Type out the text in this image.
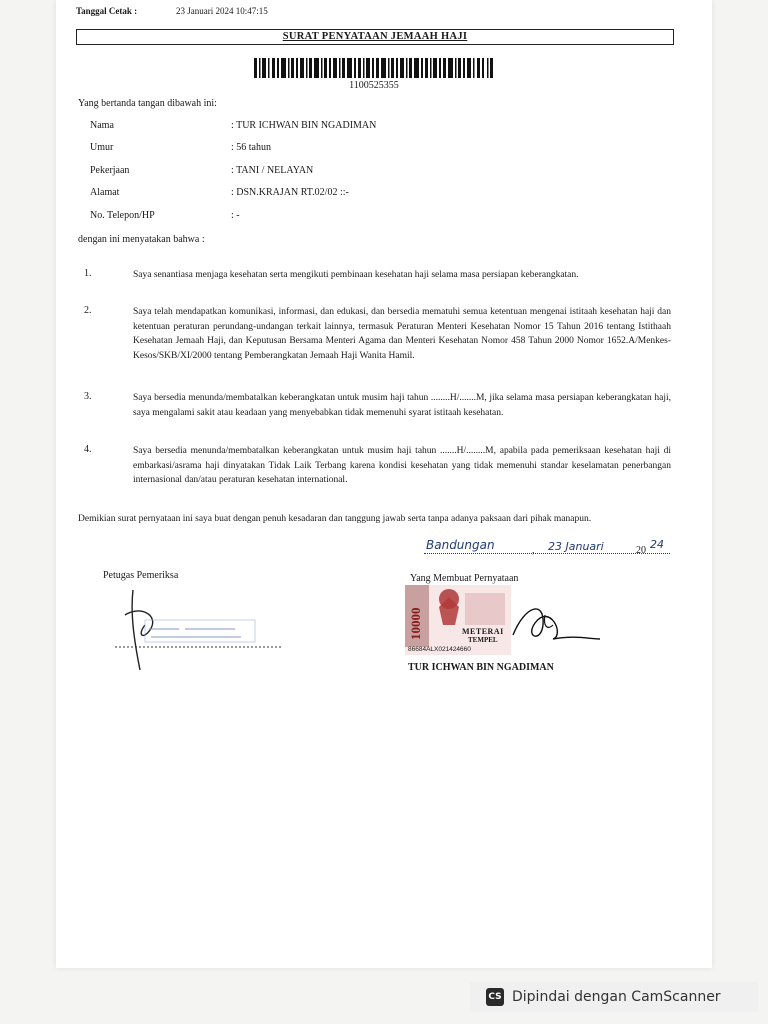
Tanggal Cetak :	23 Januari 2024 10:47:15
SURAT PENYATAAN JEMAAH HAJI
1100525355
Yang bertanda tangan dibawah ini:
Nama	: TUR ICHWAN BIN NGADIMAN
Umur	: 56 tahun
Pekerjaan	: TANI / NELAYAN
Alamat	: DSN.KRAJAN RT.02/02 ::-
No. Telepon/HP	: -
dengan ini menyatakan bahwa :
1.	Saya senantiasa menjaga kesehatan serta mengikuti pembinaan kesehatan haji selama masa persiapan keberangkatan.
2.	Saya telah mendapatkan komunikasi, informasi, dan edukasi, dan bersedia mematuhi semua ketentuan mengenai istitaah kesehatan haji dan ketentuan peraturan perundang-undangan terkait lainnya, termasuk Peraturan Menteri Kesehatan Nomor 15 Tahun 2016 tentang Istithaah Kesehatan Jemaah Haji, dan Keputusan Bersama Menteri Agama dan Menteri Kesehatan Nomor 458 Tahun 2000 Nomor 1652.A/Menkes-Kesos/SKB/XI/2000 tentang Pemberangkatan Jemaah Haji Wanita Hamil.
3.	Saya bersedia menunda/membatalkan keberangkatan untuk musim haji tahun ........H/.......M, jika selama masa persiapan keberangkatan haji, saya mengalami sakit atau keadaan yang menyebabkan tidak memenuhi syarat istitaah kesehatan.
4.	Saya bersedia menunda/membatalkan keberangkatan untuk musim haji tahun .......H/........M, apabila pada pemeriksaan kesehatan haji di embarkasi/asrama haji dinyatakan Tidak Laik Terbang karena kondisi kesehatan yang tidak memenuhi standar keselamatan penerbangan internasional dan/atau peraturan kesehatan international.
Demikian surat pernyataan ini saya buat dengan penuh kesadaran dan tanggung jawab serta tanpa adanya paksaan dari pihak manapun.
Bandungan	23 Januari	20 24
,
Petugas Pemeriksa	Yang Membuat Pernyataan
10000	METERAI
TEMPEL
86684ALX021424660
TUR ICHWAN BIN NGADIMAN
CS Dipindai dengan CamScanner
